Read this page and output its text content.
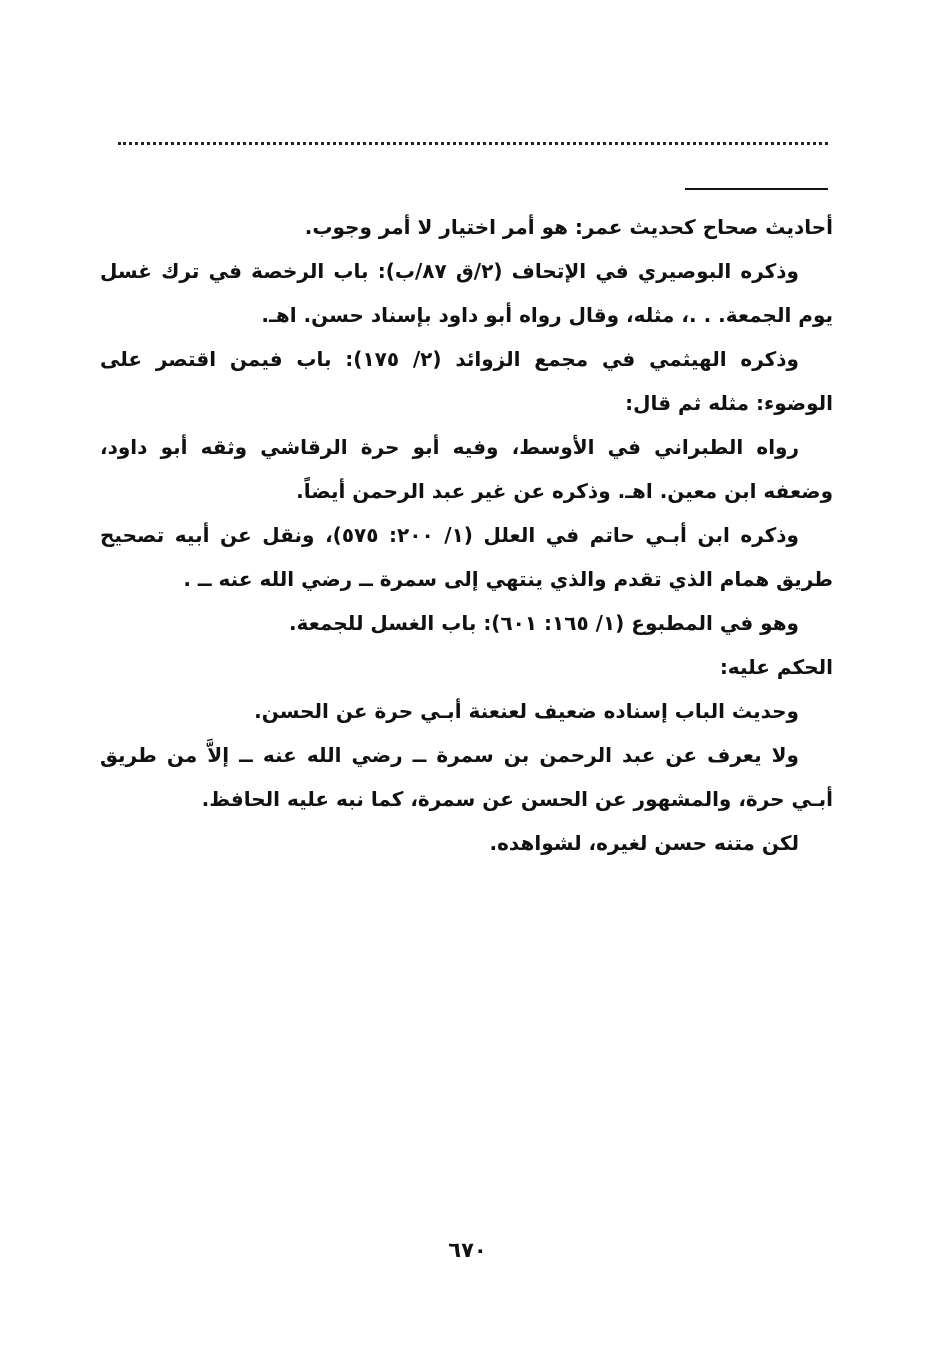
أحاديث صحاح كحديث عمر: هو أمر اختيار لا أمر وجوب.

وذكره البوصيري في الإتحاف (٢/ق ٨٧/ب): باب الرخصة في ترك غسل يوم الجمعة. . .، مثله، وقال رواه أبو داود بإسناد حسن. اهـ.

وذكره الهيثمي في مجمع الزوائد (٢/ ١٧٥): باب فيمن اقتصر على الوضوء: مثله ثم قال:

رواه الطبراني في الأوسط، وفيه أبو حرة الرقاشي وثقه أبو داود، وضعفه ابن معين. اهـ. وذكره عن غير عبد الرحمن أيضاً.

وذكره ابن أبـي حاتم في العلل (١/ ٢٠٠: ٥٧٥)، ونقل عن أبيه تصحيح طريق همام الذي تقدم والذي ينتهي إلى سمرة ــ رضي الله عنه ــ .

وهو في المطبوع (١/ ١٦٥: ٦٠١): باب الغسل للجمعة.

الحكم عليه:

وحديث الباب إسناده ضعيف لعنعنة أبـي حرة عن الحسن.

ولا يعرف عن عبد الرحمن بن سمرة ــ رضي الله عنه ــ إلاَّ من طريق أبـي حرة، والمشهور عن الحسن عن سمرة، كما نبه عليه الحافظ.

لكن متنه حسن لغيره، لشواهده.

٦٧٠
